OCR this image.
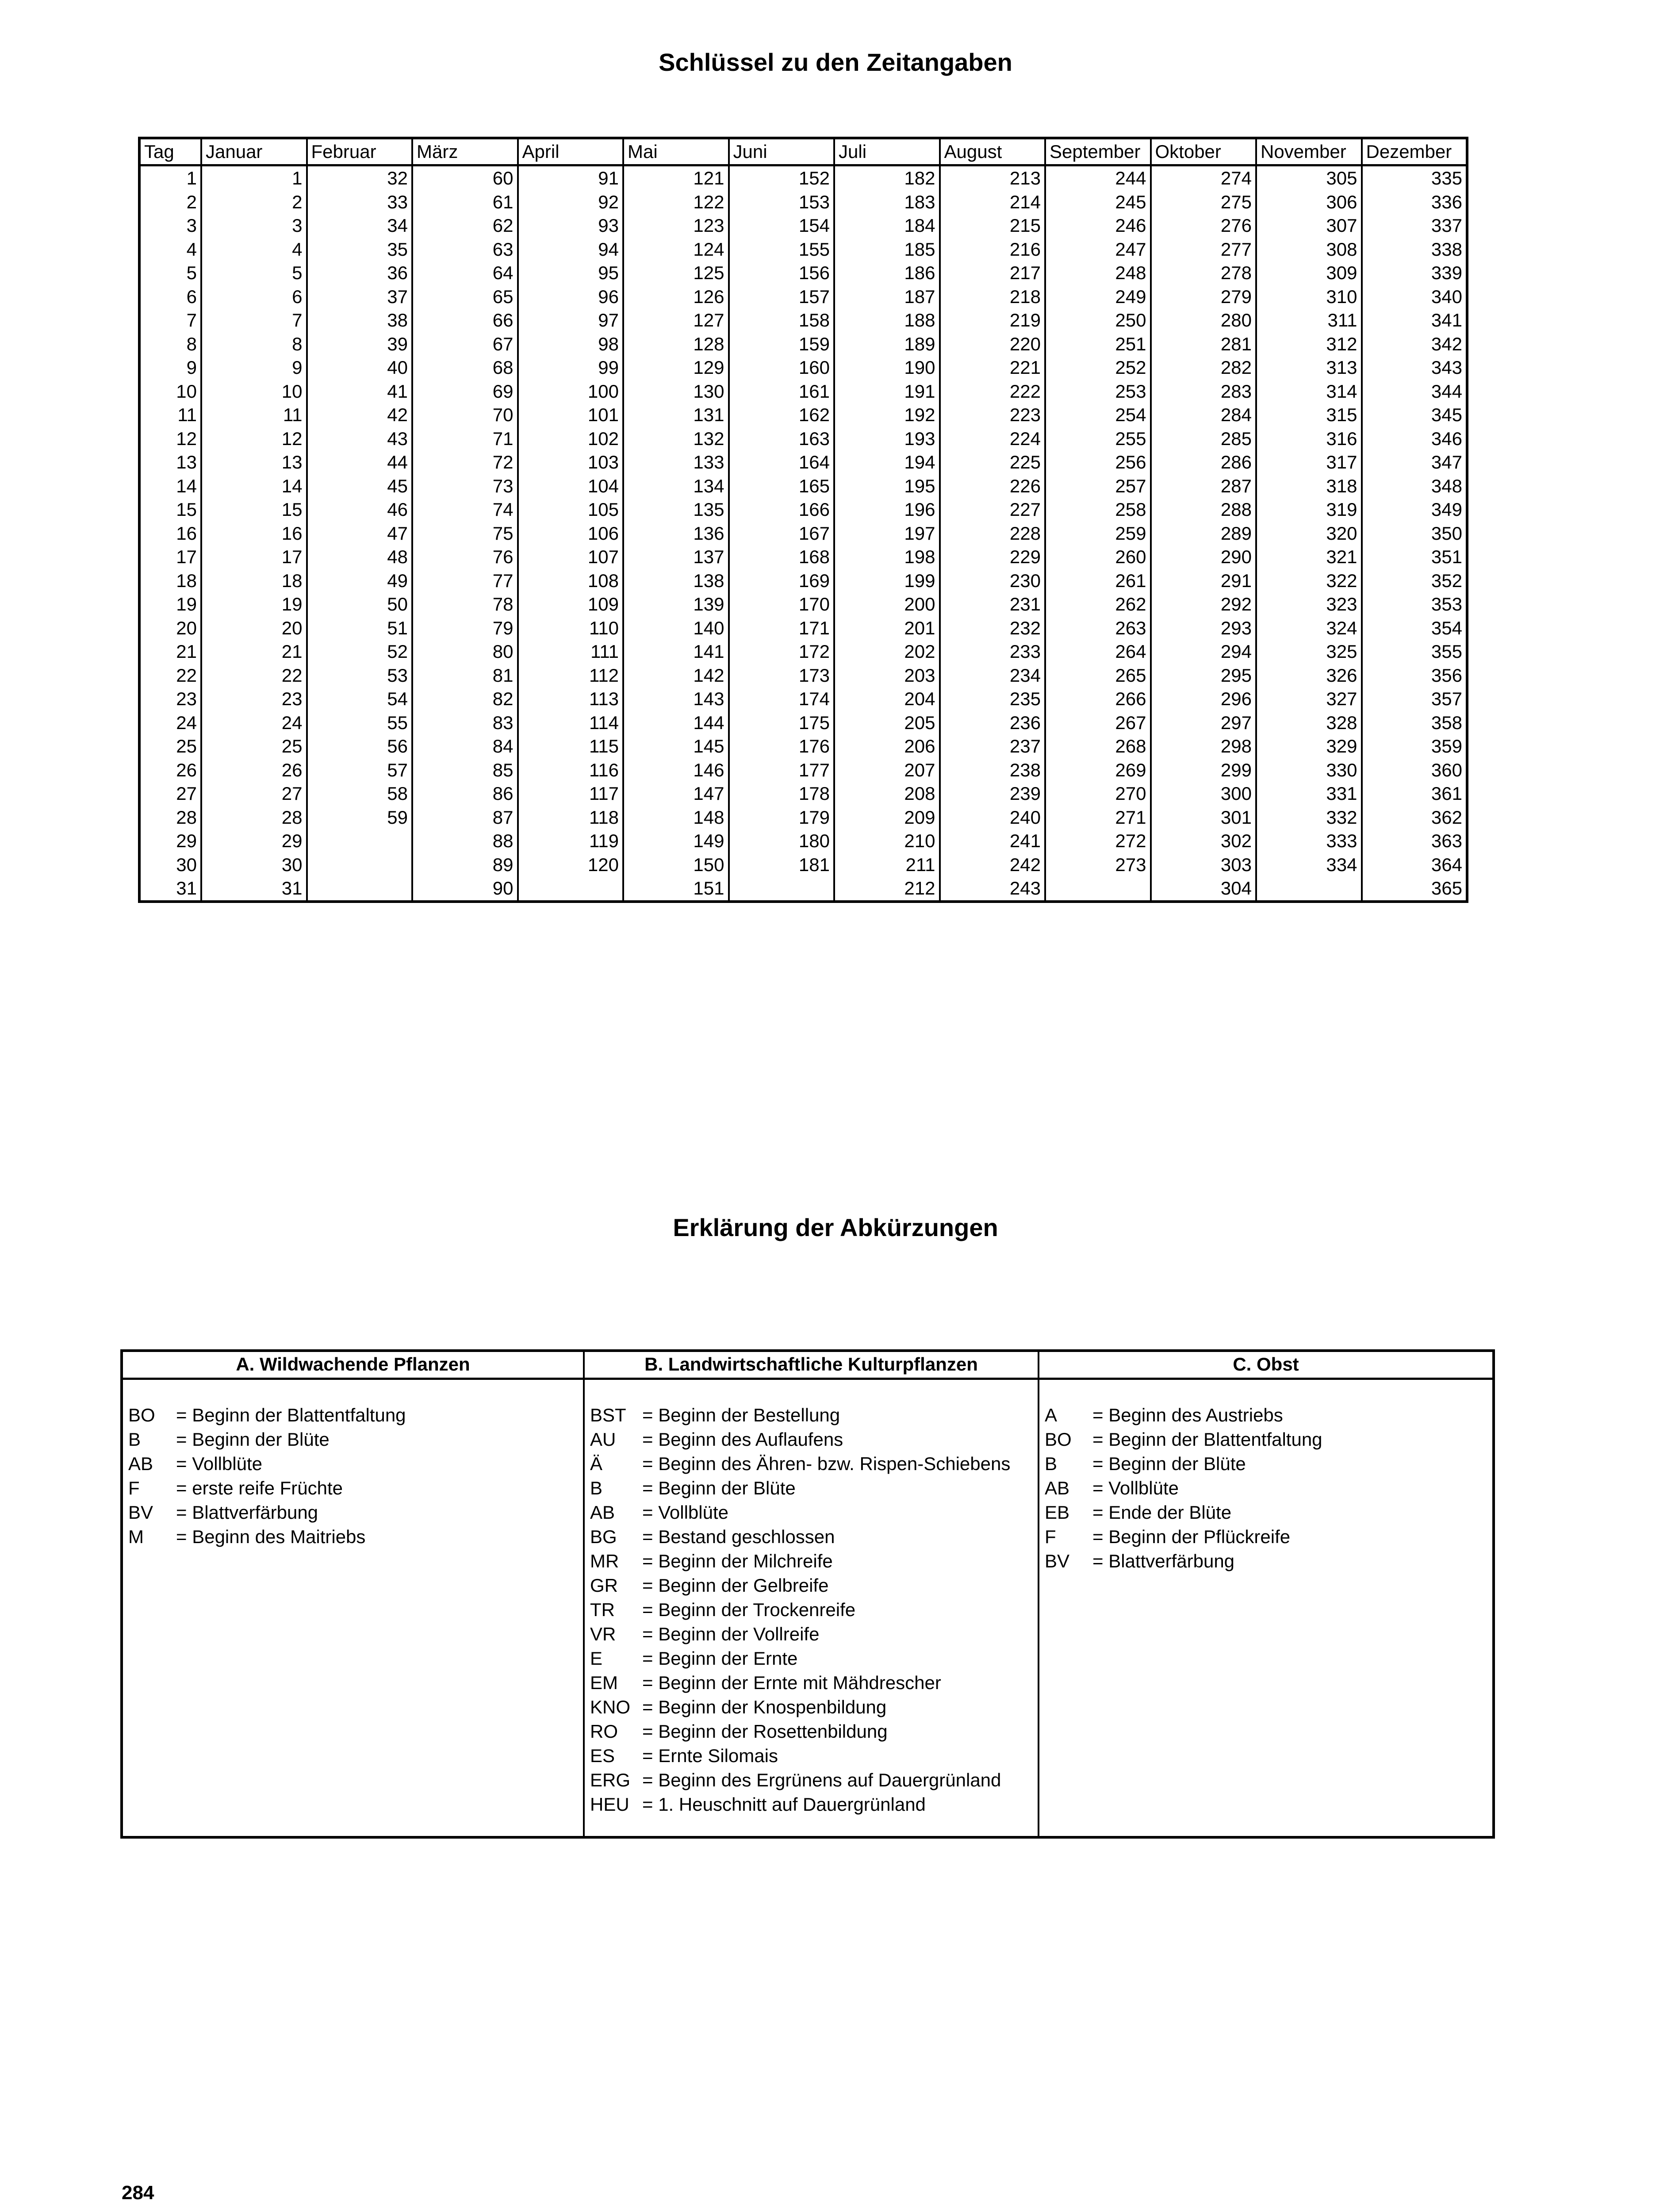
Schlüssel zu den Zeitangaben
Tag	Januar	Februar	März	April	Mai	Juni	Juli	August	September	Oktober	November	Dezember
1	1	32	60	91	121	152	182	213	244	274	305	335
2	2	33	61	92	122	153	183	214	245	275	306	336
3	3	34	62	93	123	154	184	215	246	276	307	337
4	4	35	63	94	124	155	185	216	247	277	308	338
5	5	36	64	95	125	156	186	217	248	278	309	339
6	6	37	65	96	126	157	187	218	249	279	310	340
7	7	38	66	97	127	158	188	219	250	280	311	341
8	8	39	67	98	128	159	189	220	251	281	312	342
9	9	40	68	99	129	160	190	221	252	282	313	343
10	10	41	69	100	130	161	191	222	253	283	314	344
11	11	42	70	101	131	162	192	223	254	284	315	345
12	12	43	71	102	132	163	193	224	255	285	316	346
13	13	44	72	103	133	164	194	225	256	286	317	347
14	14	45	73	104	134	165	195	226	257	287	318	348
15	15	46	74	105	135	166	196	227	258	288	319	349
16	16	47	75	106	136	167	197	228	259	289	320	350
17	17	48	76	107	137	168	198	229	260	290	321	351
18	18	49	77	108	138	169	199	230	261	291	322	352
19	19	50	78	109	139	170	200	231	262	292	323	353
20	20	51	79	110	140	171	201	232	263	293	324	354
21	21	52	80	111	141	172	202	233	264	294	325	355
22	22	53	81	112	142	173	203	234	265	295	326	356
23	23	54	82	113	143	174	204	235	266	296	327	357
24	24	55	83	114	144	175	205	236	267	297	328	358
25	25	56	84	115	145	176	206	237	268	298	329	359
26	26	57	85	116	146	177	207	238	269	299	330	360
27	27	58	86	117	147	178	208	239	270	300	331	361
28	28	59	87	118	148	179	209	240	271	301	332	362
29	29		88	119	149	180	210	241	272	302	333	363
30	30		89	120	150	181	211	242	273	303	334	364
31	31		90		151		212	243		304		365
Erklärung der Abkürzungen
A. Wildwachende Pflanzen
BO	= Beginn der Blattentfaltung
B	= Beginn der Blüte
AB	= Vollblüte
F	= erste reife Früchte
BV	= Blattverfärbung
M	= Beginn des Maitriebs
B. Landwirtschaftliche Kulturpflanzen
BST = Beginn der Bestellung
AU	= Beginn des Auflaufens
Ä	= Beginn des Ähren- bzw. Rispen-Schiebens
B	= Beginn der Blüte
AB	= Vollblüte
BG	= Bestand geschlossen
MR	= Beginn der Milchreife
GR	= Beginn der Gelbreife
TR	= Beginn der Trockenreife
VR	= Beginn der Vollreife
E	= Beginn der Ernte
EM	= Beginn der Ernte mit Mähdrescher
KNO = Beginn der Knospenbildung
RO	= Beginn der Rosettenbildung
ES	= Ernte Silomais
ERG = Beginn des Ergrünens auf Dauergrünland
HEU = 1. Heuschnitt auf Dauergrünland
C. Obst
A	= Beginn des Austriebs
BO	= Beginn der Blattentfaltung
B	= Beginn der Blüte
AB	= Vollblüte
EB	= Ende der Blüte
F	= Beginn der Pflückreife
BV	= Blattverfärbung
284
